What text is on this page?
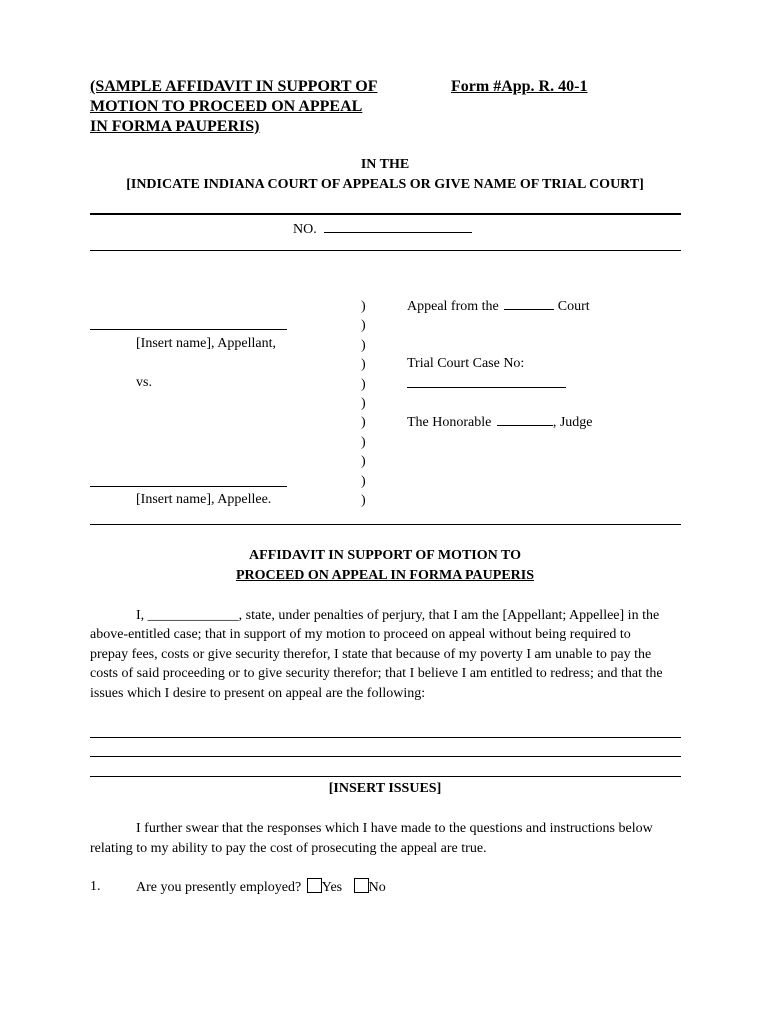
(SAMPLE AFFIDAVIT IN SUPPORT OF
MOTION TO PROCEED ON APPEAL
IN FORMA PAUPERIS)
Form #App. R. 40-1
IN THE
[INDICATE INDIANA COURT OF APPEALS OR GIVE NAME OF TRIAL COURT]
NO.
[Insert name], Appellant,
vs.
[Insert name], Appellee.
)
)
)
)
)
)
)
)
)
)
)
Appeal from the	Court
Trial Court Case No:
The Honorable	, Judge
AFFIDAVIT IN SUPPORT OF MOTION TO
PROCEED ON APPEAL IN FORMA PAUPERIS
I, _____________, state, under penalties of perjury, that I am the [Appellant; Appellee] in the
above-entitled case; that in support of my motion to proceed on appeal without being required to
prepay fees, costs or give security therefor, I state that because of my poverty I am unable to pay the
costs of said proceeding or to give security therefor; that I believe I am entitled to redress; and that the
issues which I desire to present on appeal are the following:
[INSERT ISSUES]
I further swear that the responses which I have made to the questions and instructions below
relating to my ability to pay the cost of prosecuting the appeal are true.
1.	Are you presently employed? Yes No
